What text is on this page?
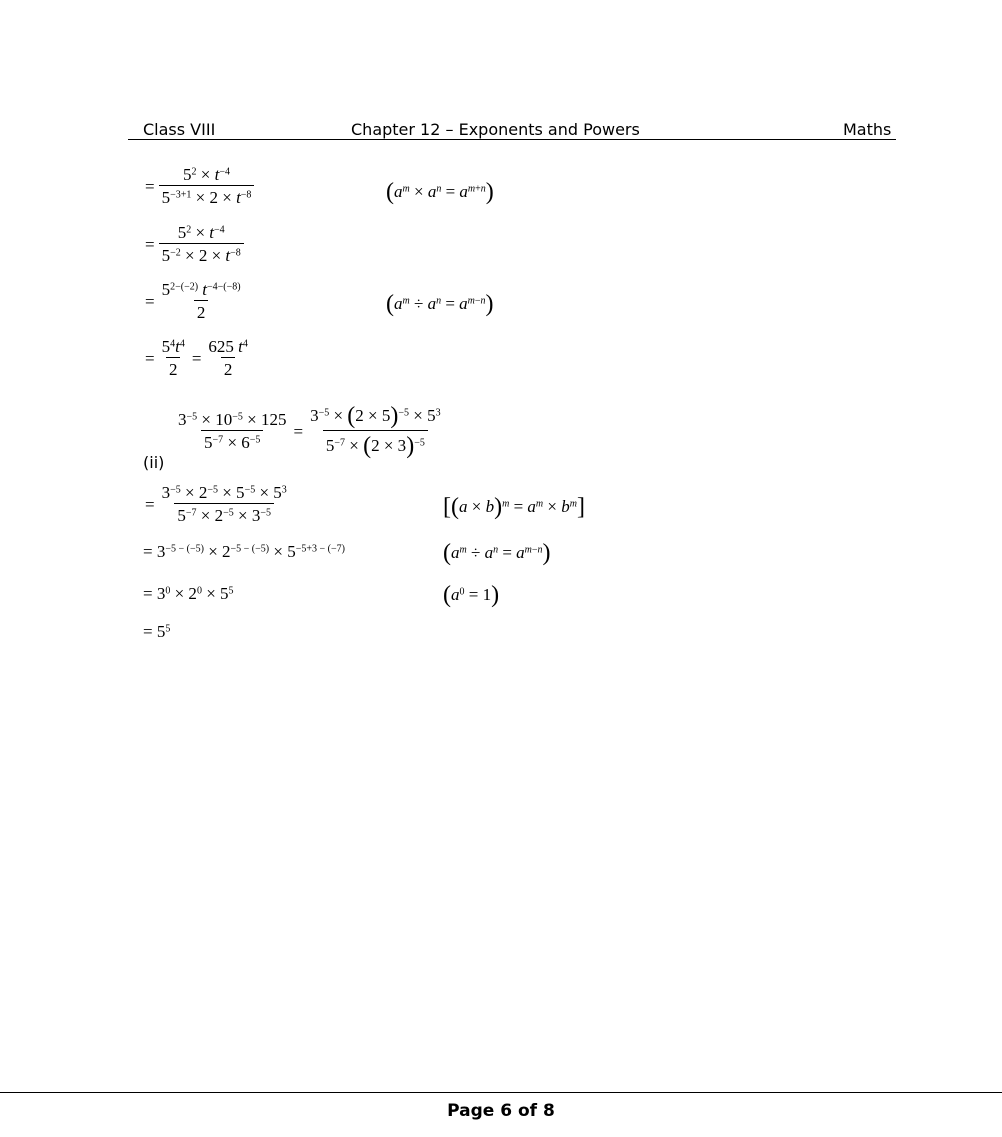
Class VIII	Chapter 12 – Exponents and Powers	Maths
= $\frac{5^2 \times t^{-4}}{5^{-3+1} \times 2 \times t^{-8}}$	$(a^m \times a^n = a^{m+n})$
= $\frac{5^2 \times t^{-4}}{5^{-2} \times 2 \times t^{-8}}$
= $\frac{5^{2-(-2)} t^{-4-(-8)}}{2}$	$(a^m \div a^n = a^{m-n})$
= $\frac{5^4t^4}{2} = \frac{625 t^4}{2}$
$\frac{3^{-5} \times 10^{-5} \times 125}{5^{-7} \times 6^{-5}} = \frac{3^{-5} \times (2 \times 5)^{-5} \times 5^3}{5^{-7} \times (2 \times 3)^{-5}}$
(ii)
= $\frac{3^{-5} \times 2^{-5} \times 5^{-5} \times 5^3}{5^{-7} \times 2^{-5} \times 3^{-5}}$	$[(a \times b)^m = a^m \times b^m]$
= $3^{-5 - (-5)} \times 2^{-5 - (-5)} \times 5^{-5+3 - (-7)}$	$(a^m \div a^n = a^{m-n})$
= $3^0 \times 2^0 \times 5^5$	$(a^0 = 1)$
= $5^5$
Page 6 of 8
